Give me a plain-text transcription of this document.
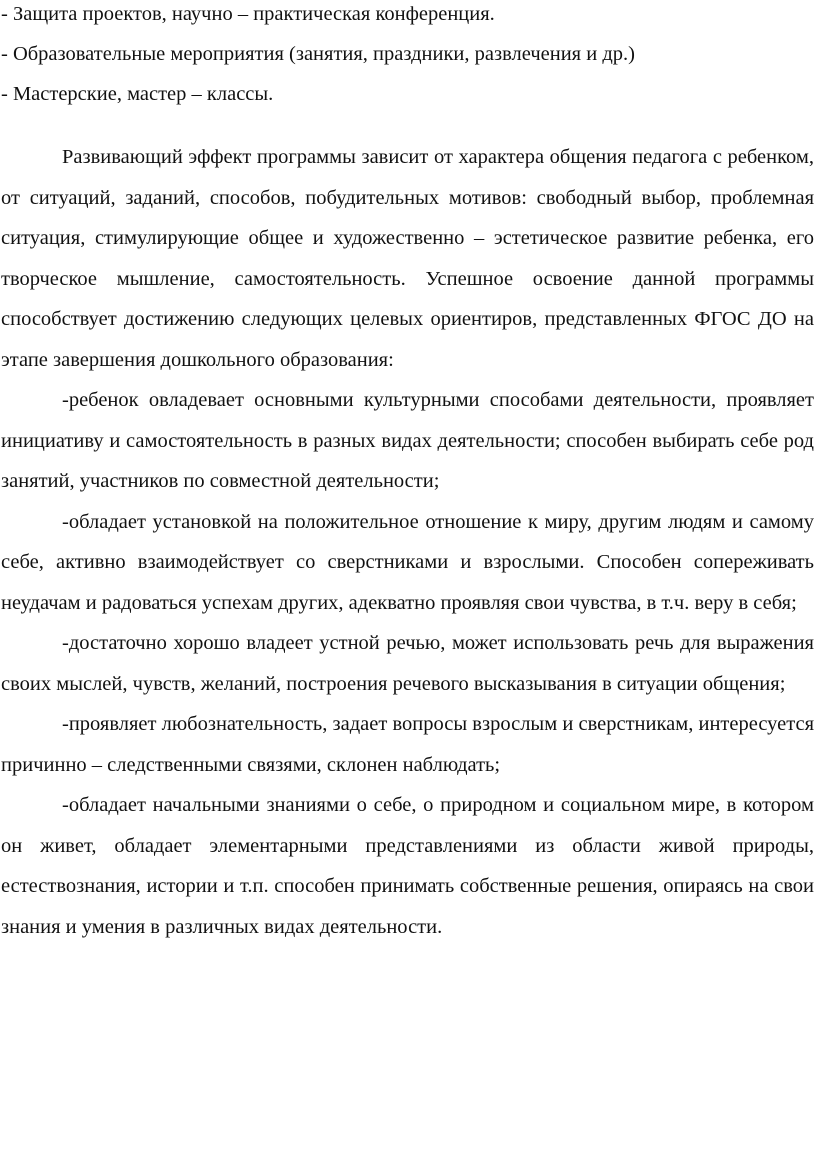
- Защита проектов, научно – практическая конференция.
- Образовательные мероприятия (занятия, праздники, развлечения и др.)
- Мастерские, мастер – классы.

Развивающий эффект программы зависит от характера общения педагога с ребенком, от ситуаций, заданий, способов, побудительных мотивов: свободный выбор, проблемная ситуация, стимулирующие общее и художественно – эстетическое развитие ребенка, его творческое мышление, самостоятельность. Успешное освоение данной программы способствует достижению следующих целевых ориентиров, представленных ФГОС ДО на этапе завершения дошкольного образования:

-ребенок овладевает основными культурными способами деятельности, проявляет инициативу и самостоятельность в разных видах деятельности; способен выбирать себе род занятий, участников по совместной деятельности;

-обладает установкой на положительное отношение к миру, другим людям и самому себе, активно взаимодействует со сверстниками и взрослыми. Способен сопереживать неудачам и радоваться успехам других, адекватно проявляя свои чувства, в т.ч. веру в себя;

-достаточно хорошо владеет устной речью, может использовать речь для выражения своих мыслей, чувств, желаний, построения речевого высказывания в ситуации общения;

-проявляет любознательность, задает вопросы взрослым и сверстникам, интересуется причинно – следственными связями, склонен наблюдать;

-обладает начальными знаниями о себе, о природном и социальном мире, в котором он живет, обладает элементарными представлениями из области живой природы, естествознания, истории и т.п. способен принимать собственные решения, опираясь на свои знания и умения в различных видах деятельности.
